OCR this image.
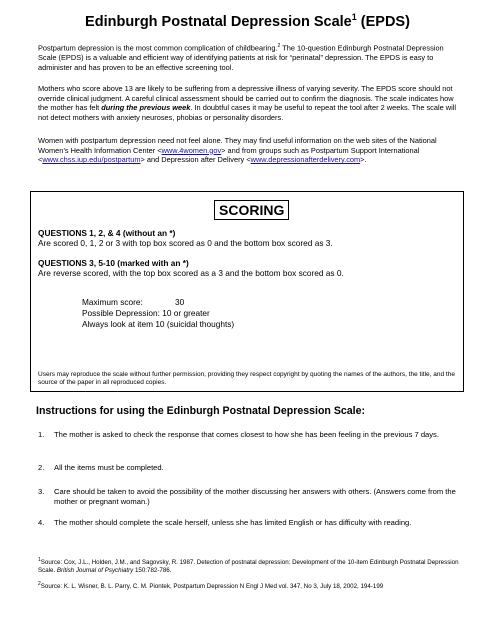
Edinburgh Postnatal Depression Scale$^1$ (EPDS)

Postpartum depression is the most common complication of childbearing.$^2$ The 10-question Edinburgh Postnatal Depression Scale (EPDS) is a valuable and efficient way of identifying patients at risk for “perinatal” depression. The EPDS is easy to administer and has proven to be an effective screening tool.

Mothers who score above 13 are likely to be suffering from a depressive illness of varying severity. The EPDS score should not override clinical judgment. A careful clinical assessment should be carried out to confirm the diagnosis. The scale indicates how the mother has felt during the previous week. In doubtful cases it may be useful to repeat the tool after 2 weeks. The scale will not detect mothers with anxiety neuroses, phobias or personality disorders.

Women with postpartum depression need not feel alone. They may find useful information on the web sites of the National Women’s Health Information Center <www.4women.gov> and from groups such as Postpartum Support International <www.chss.iup.edu/postpartum> and Depression after Delivery <www.depressionafterdelivery.com>.

SCORING
QUESTIONS 1, 2, & 4 (without an *)
Are scored 0, 1, 2 or 3 with top box scored as 0 and the bottom box scored as 3.
QUESTIONS 3, 5-10 (marked with an *)
Are reverse scored, with the top box scored as a 3 and the bottom box scored as 0.
Maximum score:	30
Possible Depression: 10 or greater
Always look at item 10 (suicidal thoughts)
Users may reproduce the scale without further permission, providing they respect copyright by quoting the names of the authors, the title, and the source of the paper in all reproduced copies.
Instructions for using the Edinburgh Postnatal Depression Scale:
1. The mother is asked to check the response that comes closest to how she has been feeling in the previous 7 days.
2. All the items must be completed.
3. Care should be taken to avoid the possibility of the mother discussing her answers with others. (Answers come from the mother or pregnant woman.)
4. The mother should complete the scale herself, unless she has limited English or has difficulty with reading.
$^1$Source: Cox, J.L., Holden, J.M., and Sagovsky, R. 1987. Detection of postnatal depression: Development of the 10-item Edinburgh Postnatal Depression Scale. British Journal of Psychiatry 150:782-786.
$^2$Source: K. L. Wisner, B. L. Parry, C. M. Piontek, Postpartum Depression N Engl J Med vol. 347, No 3, July 18, 2002, 194-199
